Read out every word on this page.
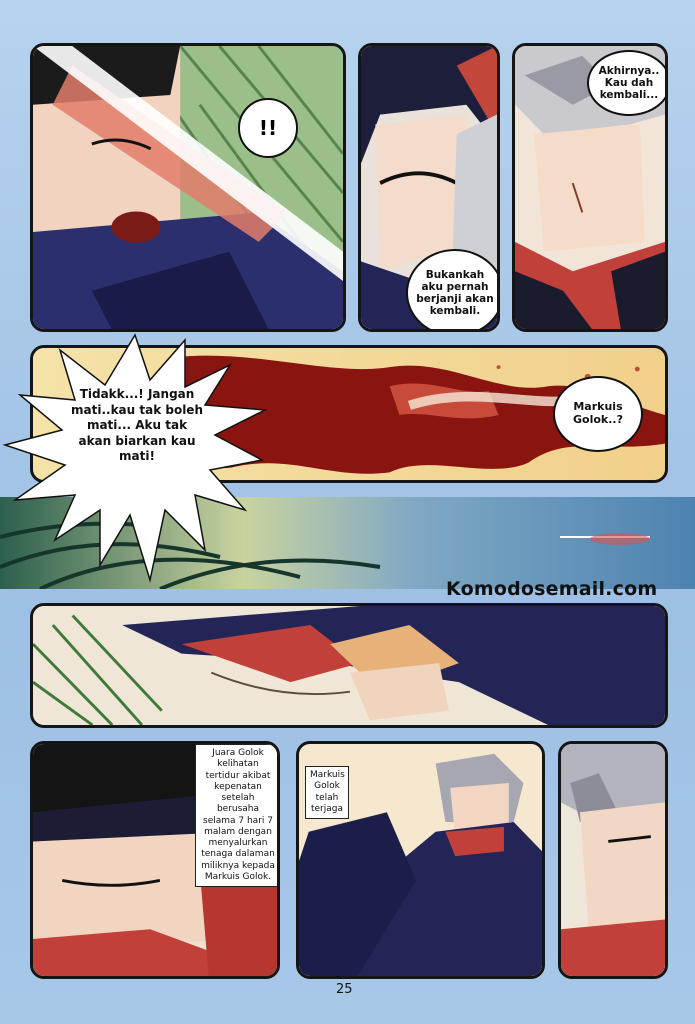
!!
Bukankah aku pernah berjanji akan kembali.
Akhirnya.. Kau dah kembali...
Markuis Golok..?
Tidakk...! Jangan mati..kau tak boleh mati... Aku tak akan biarkan kau mati!
Komodosemail.com
Juara Golok kelihatan tertidur akibat kepenatan setelah berusaha selama 7 hari 7 malam dengan menyalurkan tenaga dalaman miliknya kepada Markuis Golok.
Markuis Golok telah terjaga
25
